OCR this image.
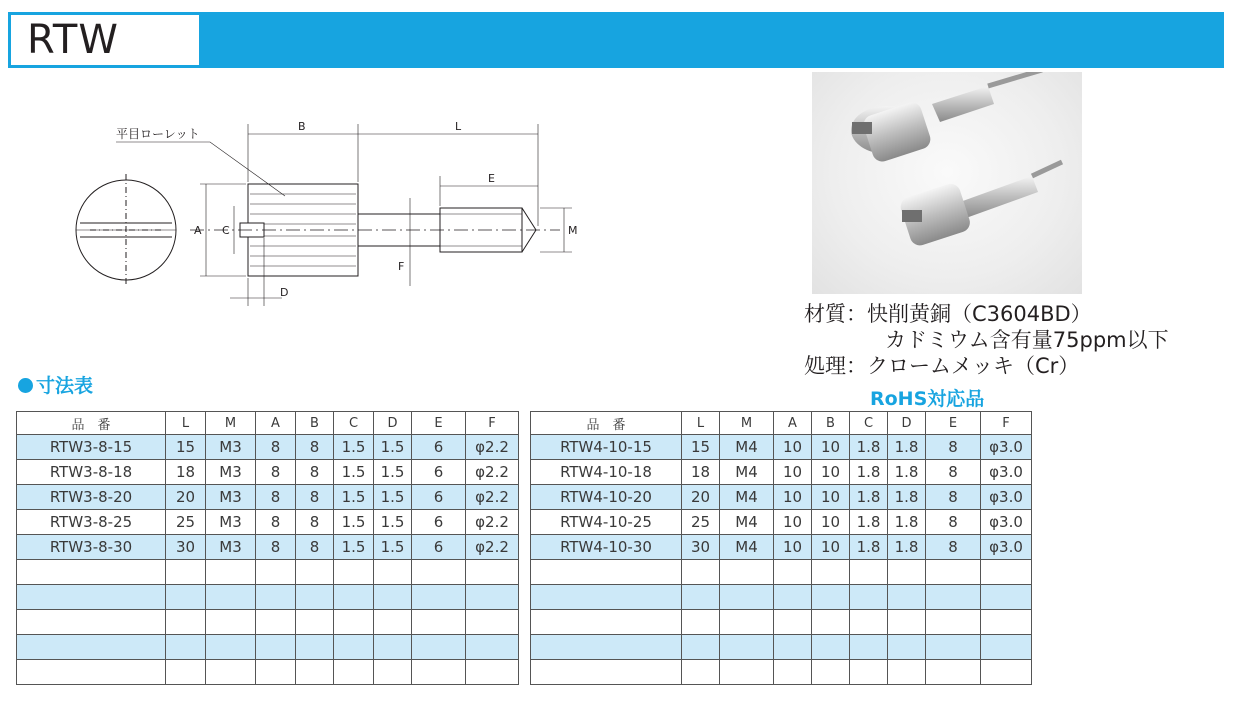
RTW
平目ローレット
B	L
E
A C
D
F
M
材質：快削黄銅（C3604BD）
カドミウム含有量75ppm以下
処理：クロームメッキ（Cr）
RoHS対応品
寸法表
品　番	L	M	A	B	C	D	E	F
RTW3-8-15	15	M3	8	8	1.5	1.5	6	φ2.2
RTW3-8-18	18	M3	8	8	1.5	1.5	6	φ2.2
RTW3-8-20	20	M3	8	8	1.5	1.5	6	φ2.2
RTW3-8-25	25	M3	8	8	1.5	1.5	6	φ2.2
RTW3-8-30	30	M3	8	8	1.5	1.5	6	φ2.2

品　番	L	M	A	B	C	D	E	F
RTW4-10-15	15	M4	10	10	1.8	1.8	8	φ3.0
RTW4-10-18	18	M4	10	10	1.8	1.8	8	φ3.0
RTW4-10-20	20	M4	10	10	1.8	1.8	8	φ3.0
RTW4-10-25	25	M4	10	10	1.8	1.8	8	φ3.0
RTW4-10-30	30	M4	10	10	1.8	1.8	8	φ3.0
